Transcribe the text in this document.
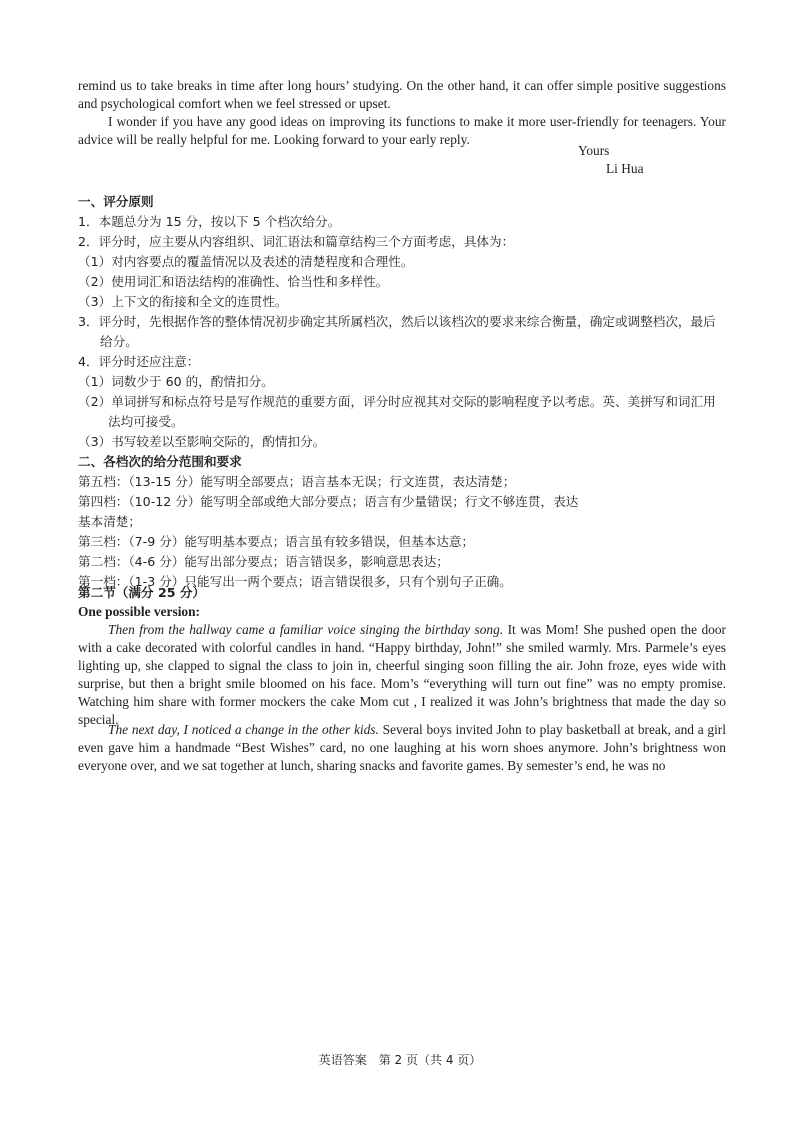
remind us to take breaks in time after long hours’ studying. On the other hand, it can offer simple positive suggestions and psychological comfort when we feel stressed or upset.

I wonder if you have any good ideas on improving its functions to make it more user-friendly for teenagers. Your advice will be really helpful for me. Looking forward to your early reply.

Yours
Li Hua

一、评分原则

1．本题总分为 15 分，按以下 5 个档次给分。

2．评分时，应主要从内容组织、词汇语法和篇章结构三个方面考虑，具体为：

（1）对内容要点的覆盖情况以及表述的清楚程度和合理性。

（2）使用词汇和语法结构的准确性、恰当性和多样性。

（3）上下文的衔接和全文的连贯性。

3．评分时，先根据作答的整体情况初步确定其所属档次，然后以该档次的要求来综合衡量，确定或调整档次，最后给分。

4．评分时还应注意：

（1）词数少于 60 的，酌情扣分。

（2）单词拼写和标点符号是写作规范的重要方面，评分时应视其对交际的影响程度予以考虑。英、美拼写和词汇用法均可接受。

（3）书写较差以至影响交际的，酌情扣分。

二、各档次的给分范围和要求

第五档：（13-15 分）能写明全部要点；语言基本无误；行文连贯，表达清楚；

第四档：（10-12 分）能写明全部或绝大部分要点；语言有少量错误；行文不够连贯，表达

基本清楚；

第三档：（7-9 分）能写明基本要点；语言虽有较多错误，但基本达意；

第二档：（4-6 分）能写出部分要点；语言错误多，影响意思表达；

第一档：（1-3 分）只能写出一两个要点；语言错误很多，只有个别句子正确。

第二节（满分 25 分）

One possible version:

Then from the hallway came a familiar voice singing the birthday song. It was Mom! She pushed open the door with a cake decorated with colorful candles in hand. “Happy birthday, John!” she smiled warmly. Mrs. Parmele’s eyes lighting up, she clapped to signal the class to join in, cheerful singing soon filling the air. John froze, eyes wide with surprise, but then a bright smile bloomed on his face. Mom’s “everything will turn out fine” was no empty promise. Watching him share with former mockers the cake Mom cut , I realized it was John’s brightness that made the day so special.

The next day, I noticed a change in the other kids. Several boys invited John to play basketball at break, and a girl even gave him a handmade “Best Wishes” card, no one laughing at his worn shoes anymore. John’s brightness won everyone over, and we sat together at lunch, sharing snacks and favorite games. By semester’s end, he was no

英语答案　第 2 页（共 4 页）
